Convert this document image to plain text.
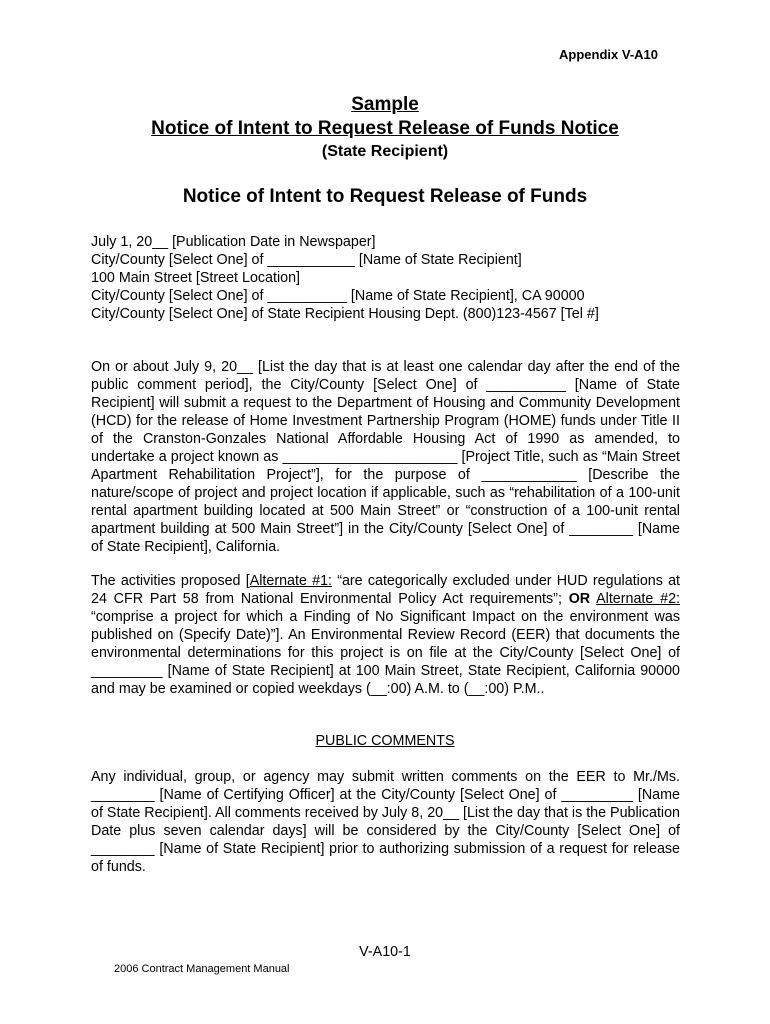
Appendix V-A10
Sample
Notice of Intent to Request Release of Funds Notice
(State Recipient)
Notice of Intent to Request Release of Funds
July 1, 20__ [Publication Date in Newspaper]
City/County [Select One] of ___________ [Name of State Recipient]
100 Main Street [Street Location]
City/County [Select One] of __________ [Name of State Recipient], CA 90000
City/County [Select One] of State Recipient Housing Dept. (800)123-4567 [Tel #]
On or about July 9, 20__ [List the day that is at least one calendar day after the end of the public comment period], the City/County [Select One] of __________ [Name of State Recipient] will submit a request to the Department of Housing and Community Development (HCD) for the release of Home Investment Partnership Program (HOME) funds under Title II of the Cranston-Gonzales National Affordable Housing Act of 1990 as amended, to undertake a project known as ______________________ [Project Title, such as “Main Street Apartment Rehabilitation Project”], for the purpose of ____________ [Describe the nature/scope of project and project location if applicable, such as “rehabilitation of a 100-unit rental apartment building located at 500 Main Street” or “construction of a 100-unit rental apartment building at 500 Main Street”] in the City/County [Select One] of ________ [Name of State Recipient], California.
The activities proposed [Alternate #1: “are categorically excluded under HUD regulations at 24 CFR Part 58 from National Environmental Policy Act requirements”; OR Alternate #2: “comprise a project for which a Finding of No Significant Impact on the environment was published on (Specify Date)”]. An Environmental Review Record (EER) that documents the environmental determinations for this project is on file at the City/County [Select One] of _________ [Name of State Recipient] at 100 Main Street, State Recipient, California 90000 and may be examined or copied weekdays (__:00) A.M. to (__:00) P.M..
PUBLIC COMMENTS
Any individual, group, or agency may submit written comments on the EER to Mr./Ms. ________ [Name of Certifying Officer] at the City/County [Select One] of _________ [Name of State Recipient]. All comments received by July 8, 20__ [List the day that is the Publication Date plus seven calendar days] will be considered by the City/County [Select One] of ________ [Name of State Recipient] prior to authorizing submission of a request for release of funds.
V-A10-1
2006 Contract Management Manual
